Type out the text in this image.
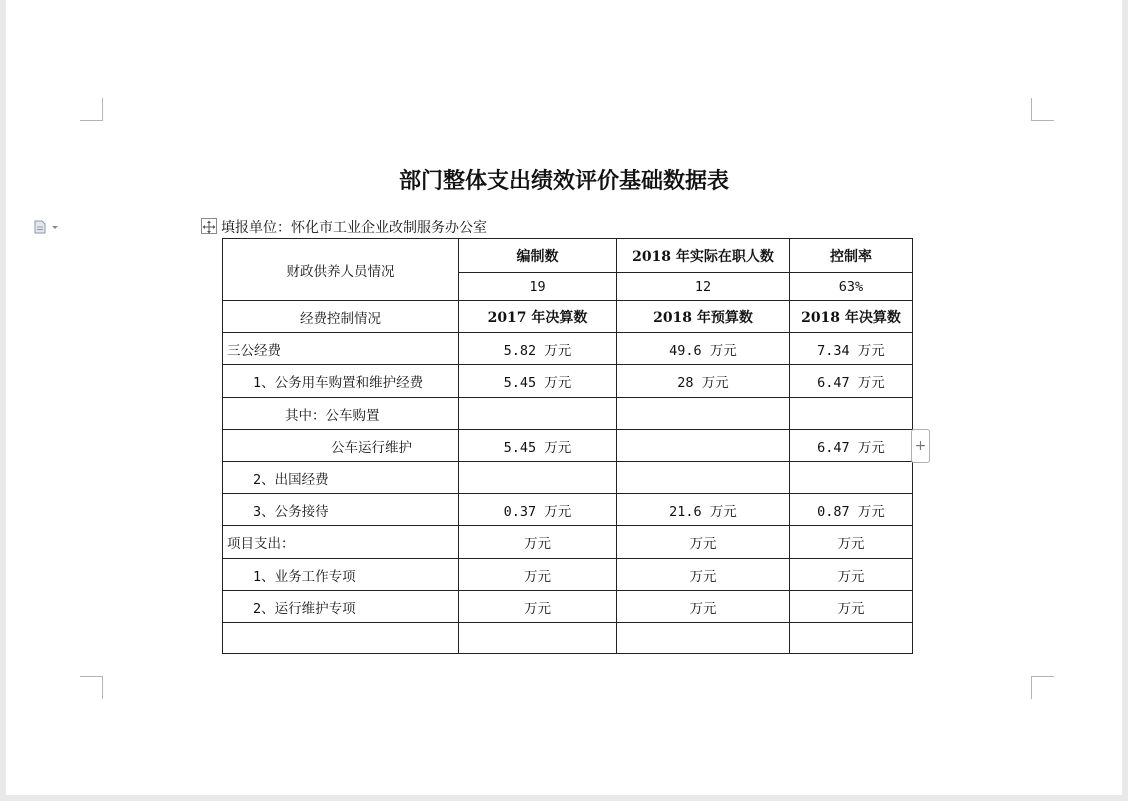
部门整体支出绩效评价基础数据表
填报单位：怀化市工业企业改制服务办公室
财政供养人员情况	编制数	2018 年实际在职人数	控制率
	19	12	63%
经费控制情况	2017 年决算数	2018 年预算数	2018 年决算数
三公经费	5.82 万元	49.6 万元	7.34 万元
1、公务用车购置和维护经费	5.45 万元	28 万元	6.47 万元
其中：公车购置			
公车运行维护	5.45 万元		6.47 万元
2、出国经费			
3、公务接待	0.37 万元	21.6 万元	0.87 万元
项目支出：	万元	万元	万元
1、业务工作专项	万元	万元	万元
2、运行维护专项	万元	万元	万元

+
